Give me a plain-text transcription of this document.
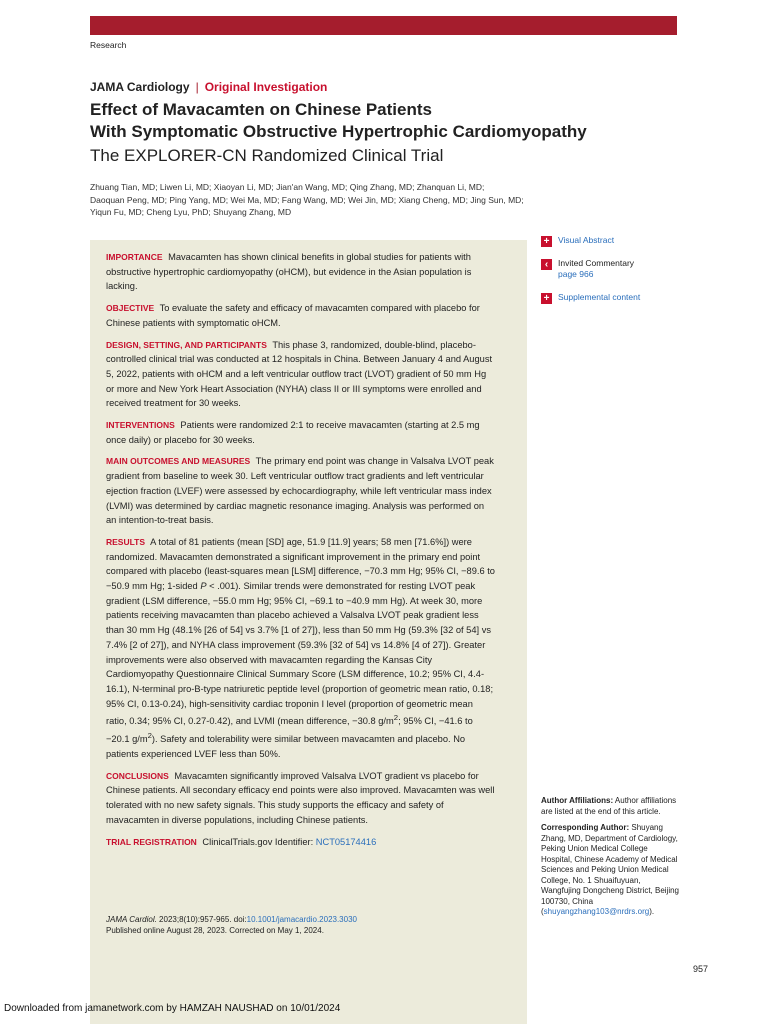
Research
JAMA Cardiology | Original Investigation
Effect of Mavacamten on Chinese Patients
With Symptomatic Obstructive Hypertrophic Cardiomyopathy
The EXPLORER-CN Randomized Clinical Trial
Zhuang Tian, MD; Liwen Li, MD; Xiaoyan Li, MD; Jian'an Wang, MD; Qing Zhang, MD; Zhanquan Li, MD;
Daoquan Peng, MD; Ping Yang, MD; Wei Ma, MD; Fang Wang, MD; Wei Jin, MD; Xiang Cheng, MD; Jing Sun, MD;
Yiqun Fu, MD; Cheng Lyu, PhD; Shuyang Zhang, MD

IMPORTANCE Mavacamten has shown clinical benefits in global studies for patients with obstructive hypertrophic cardiomyopathy (oHCM), but evidence in the Asian population is lacking.

OBJECTIVE To evaluate the safety and efficacy of mavacamten compared with placebo for Chinese patients with symptomatic oHCM.

DESIGN, SETTING, AND PARTICIPANTS This phase 3, randomized, double-blind, placebo-controlled clinical trial was conducted at 12 hospitals in China. Between January 4 and August 5, 2022, patients with oHCM and a left ventricular outflow tract (LVOT) gradient of 50 mm Hg or more and New York Heart Association (NYHA) class II or III symptoms were enrolled and received treatment for 30 weeks.

INTERVENTIONS Patients were randomized 2:1 to receive mavacamten (starting at 2.5 mg once daily) or placebo for 30 weeks.

MAIN OUTCOMES AND MEASURES The primary end point was change in Valsalva LVOT peak gradient from baseline to week 30. Left ventricular outflow tract gradients and left ventricular ejection fraction (LVEF) were assessed by echocardiography, while left ventricular mass index (LVMI) was determined by cardiac magnetic resonance imaging. Analysis was performed on an intention-to-treat basis.

RESULTS A total of 81 patients (mean [SD] age, 51.9 [11.9] years; 58 men [71.6%]) were randomized. Mavacamten demonstrated a significant improvement in the primary end point compared with placebo (least-squares mean [LSM] difference, −70.3 mm Hg; 95% CI, −89.6 to −50.9 mm Hg; 1-sided P < .001). Similar trends were demonstrated for resting LVOT peak gradient (LSM difference, −55.0 mm Hg; 95% CI, −69.1 to −40.9 mm Hg). At week 30, more patients receiving mavacamten than placebo achieved a Valsalva LVOT peak gradient less than 30 mm Hg (48.1% [26 of 54] vs 3.7% [1 of 27]), less than 50 mm Hg (59.3% [32 of 54] vs 7.4% [2 of 27]), and NYHA class improvement (59.3% [32 of 54] vs 14.8% [4 of 27]). Greater improvements were also observed with mavacamten regarding the Kansas City Cardiomyopathy Questionnaire Clinical Summary Score (LSM difference, 10.2; 95% CI, 4.4-16.1), N-terminal pro-B-type natriuretic peptide level (proportion of geometric mean ratio, 0.18; 95% CI, 0.13-0.24), high-sensitivity cardiac troponin I level (proportion of geometric mean ratio, 0.34; 95% CI, 0.27-0.42), and LVMI (mean difference, −30.8 $g/m^2$; 95% CI, −41.6 to −20.1 $g/m^2$). Safety and tolerability were similar between mavacamten and placebo. No patients experienced LVEF less than 50%.

CONCLUSIONS Mavacamten significantly improved Valsalva LVOT gradient vs placebo for Chinese patients. All secondary efficacy end points were also improved. Mavacamten was well tolerated with no new safety signals. This study supports the efficacy and safety of mavacamten in diverse populations, including Chinese patients.

TRIAL REGISTRATION ClinicalTrials.gov Identifier: NCT05174416

JAMA Cardiol. 2023;8(10):957-965. doi:10.1001/jamacardio.2023.3030
Published online August 28, 2023. Corrected on May 1, 2024.
+	Visual Abstract
‹	Invited Commentary
page 966
+	Supplemental content

Author Affiliations: Author affiliations are listed at the end of this article.

Corresponding Author: Shuyang Zhang, MD, Department of Cardiology, Peking Union Medical College Hospital, Chinese Academy of Medical Sciences and Peking Union Medical College, No. 1 Shuaifuyuan, Wangfujing Dongcheng District, Beijing 100730, China (shuyangzhang103@nrdrs.org).

957
Downloaded from jamanetwork.com by HAMZAH NAUSHAD on 10/01/2024
